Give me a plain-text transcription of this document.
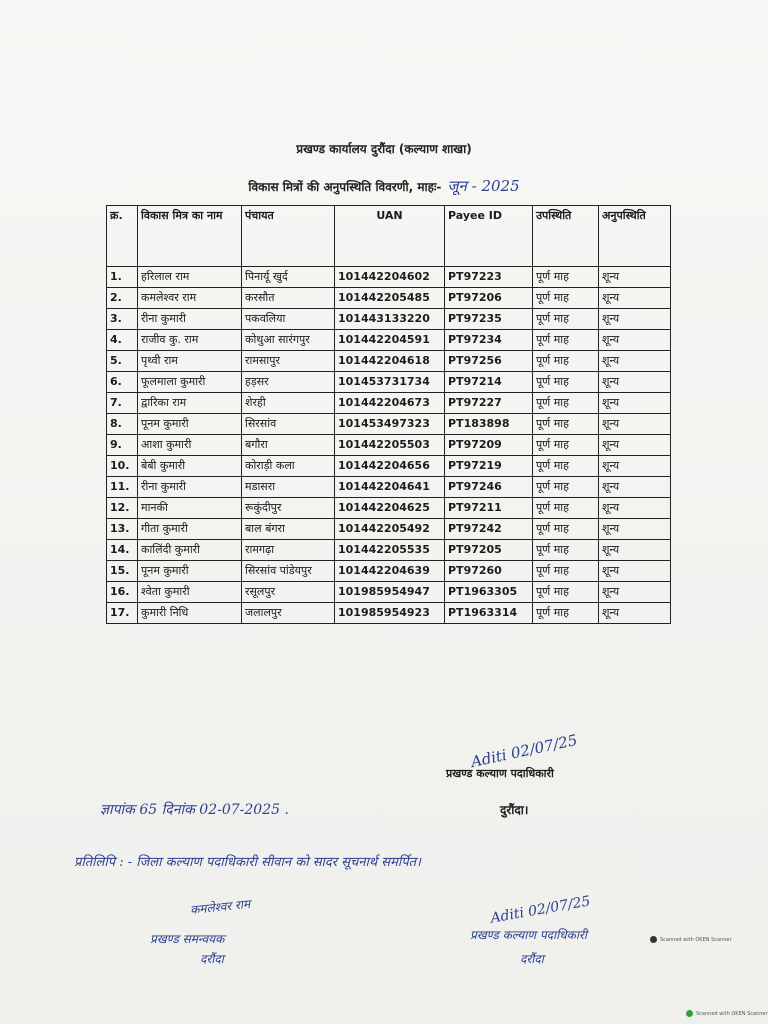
प्रखण्ड कार्यालय दुरौंदा (कल्याण शाखा)
विकास मित्रों की अनुपस्थिति विवरणी, माहः- जून - 2025
क्र.	विकास मित्र का नाम	पंचायत	UAN	Payee ID	उपस्थिति	अनुपस्थिति
1.	हरिलाल राम	पिनार्यू खुर्द	101442204602	PT97223	पूर्ण माह	शून्य
2.	कमलेश्वर राम	करसौत	101442205485	PT97206	पूर्ण माह	शून्य
3.	रीना कुमारी	पकवलिया	101443133220	PT97235	पूर्ण माह	शून्य
4.	राजीव कु. राम	कोथुआ सारंगपुर	101442204591	PT97234	पूर्ण माह	शून्य
5.	पृथ्वी राम	रामसापुर	101442204618	PT97256	पूर्ण माह	शून्य
6.	फूलमाला कुमारी	हड़सर	101453731734	PT97214	पूर्ण माह	शून्य
7.	द्वारिका राम	शेरही	101442204673	PT97227	पूर्ण माह	शून्य
8.	पूनम कुमारी	सिरसांव	101453497323	PT183898	पूर्ण माह	शून्य
9.	आशा कुमारी	बगौरा	101442205503	PT97209	पूर्ण माह	शून्य
10.	बेबी कुमारी	कोराड़ी कला	101442204656	PT97219	पूर्ण माह	शून्य
11.	रीना कुमारी	मडासरा	101442204641	PT97246	पूर्ण माह	शून्य
12.	मानकी	रूकुंदीपुर	101442204625	PT97211	पूर्ण माह	शून्य
13.	गीता कुमारी	बाल बंगरा	101442205492	PT97242	पूर्ण माह	शून्य
14.	कालिंदी कुमारी	रामगढ़ा	101442205535	PT97205	पूर्ण माह	शून्य
15.	पूनम कुमारी	सिरसांव पांडेयपुर	101442204639	PT97260	पूर्ण माह	शून्य
16.	श्वेता कुमारी	रसूलपुर	101985954947	PT1963305	पूर्ण माह	शून्य
17.	कुमारी निधि	जलालपुर	101985954923	PT1963314	पूर्ण माह	शून्य
Aditi 02/07/25
प्रखण्ड कल्याण पदाधिकारी
ज्ञापांक 65 दिनांक 02-07-2025 .	दुरौंदा।
प्रतिलिपि : - जिला कल्याण पदाधिकारी सीवान को सादर सूचनार्थ समर्पित।
कमलेश्वर राम
प्रखण्ड समन्वयक
दरौंदा
Aditi 02/07/25
प्रखण्ड कल्याण पदाधिकारी
दरौंदा
Scanned with OKEN Scanner
Scanned with OKEN Scanner
